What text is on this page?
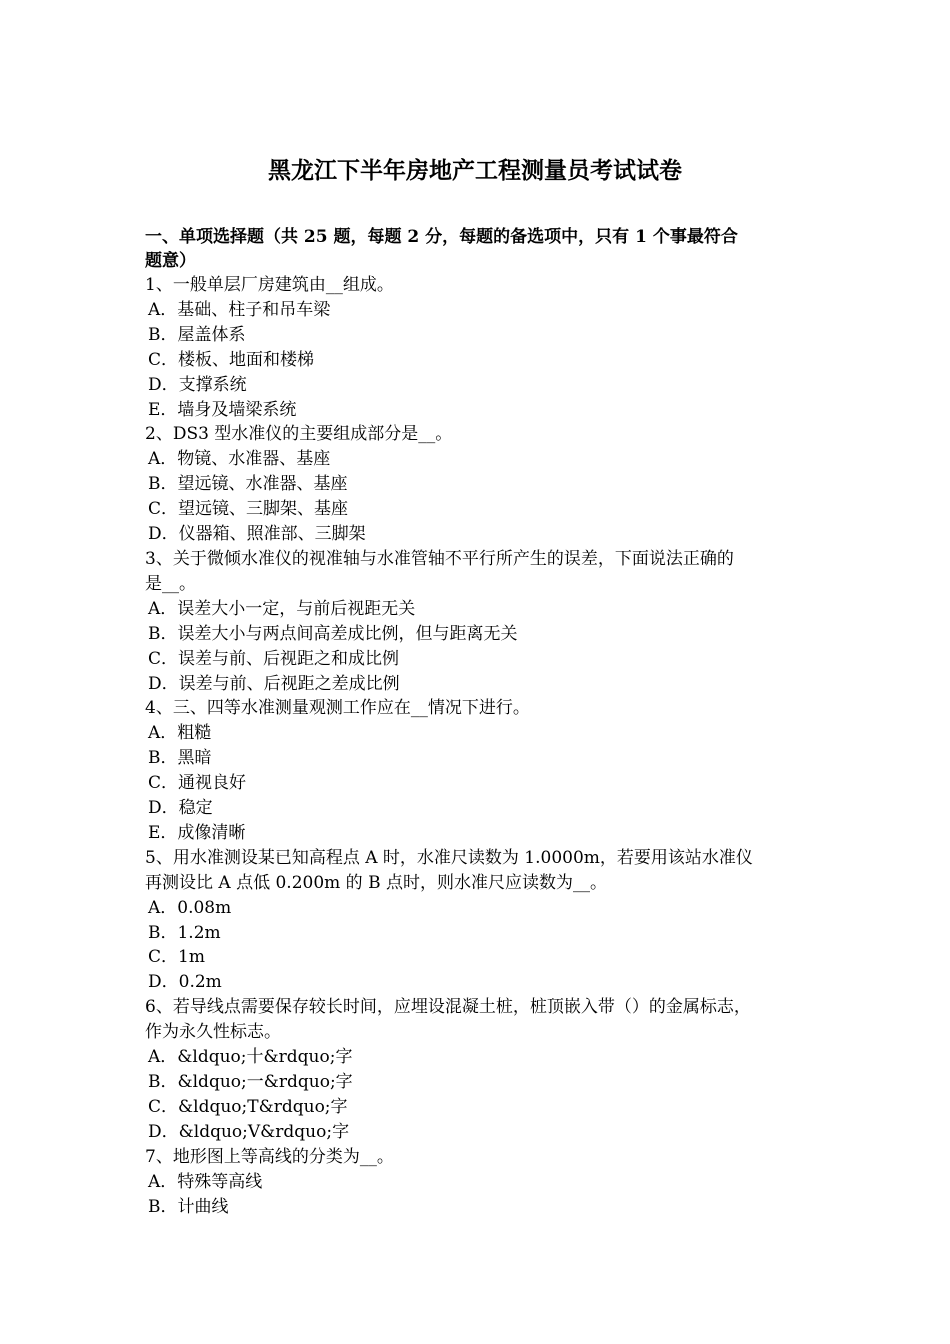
黑龙江下半年房地产工程测量员考试试卷
一、单项选择题（共 25 题，每题 2 分，每题的备选项中，只有 1 个事最符合
题意）
1、一般单层厂房建筑由__组成。
A．基础、柱子和吊车梁
B．屋盖体系
C．楼板、地面和楼梯
D．支撑系统
E．墙身及墙梁系统
2、DS3 型水准仪的主要组成部分是__。
A．物镜、水准器、基座
B．望远镜、水准器、基座
C．望远镜、三脚架、基座
D．仪器箱、照准部、三脚架
3、关于微倾水准仪的视准轴与水准管轴不平行所产生的误差，下面说法正确的
是__。
A．误差大小一定，与前后视距无关
B．误差大小与两点间高差成比例，但与距离无关
C．误差与前、后视距之和成比例
D．误差与前、后视距之差成比例
4、三、四等水准测量观测工作应在__情况下进行。
A．粗糙
B．黑暗
C．通视良好
D．稳定
E．成像清晰
5、用水准测设某已知高程点 A 时，水准尺读数为 1.0000m，若要用该站水准仪
再测设比 A 点低 0.200m 的 B 点时，则水准尺应读数为__。
A．0.08m
B．1.2m
C．1m
D．0.2m
6、若导线点需要保存较长时间，应埋设混凝土桩，桩顶嵌入带（）的金属标志，
作为永久性标志。
A．&ldquo;十&rdquo;字
B．&ldquo;一&rdquo;字
C．&ldquo;T&rdquo;字
D．&ldquo;V&rdquo;字
7、地形图上等高线的分类为__。
A．特殊等高线
B．计曲线
